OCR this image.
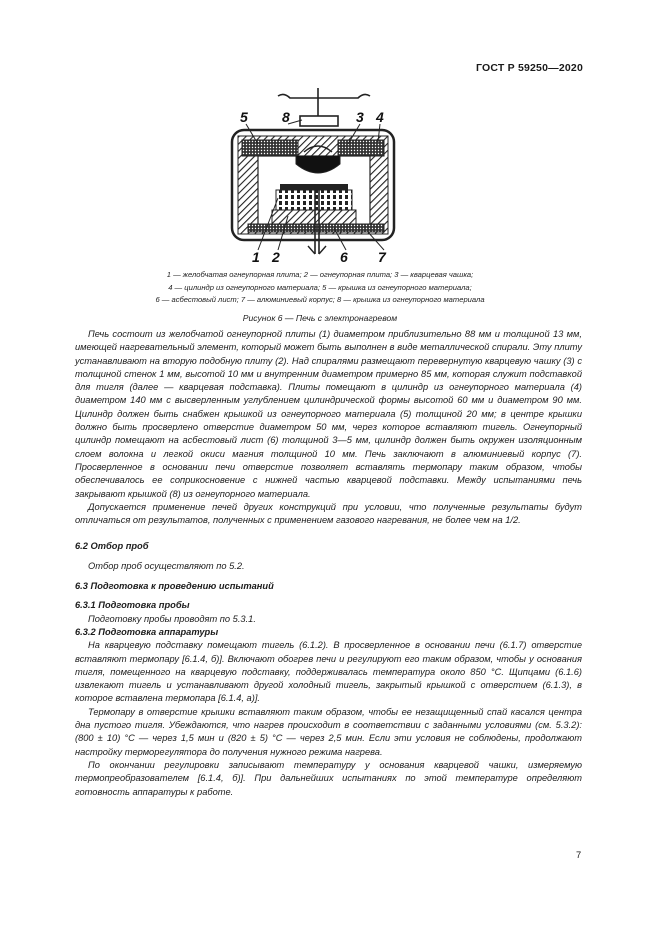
ГОСТ Р 59250—2020
5 8	3 4
1 2	6 7
1 — желобчатая огнеупорная плита; 2 — огнеупорная плита; 3 — кварцевая чашка;
4 — цилиндр из огнеупорного материала; 5 — крышка из огнеупорного материала;
6 — асбестовый лист; 7 — алюминиевый корпус; 8 — крышка из огнеупорного материала
Рисунок 6 — Печь с электронагревом

Печь состоит из желобчатой огнеупорной плиты (1) диаметром приблизительно 88 мм и толщиной 13 мм, имеющей нагревательный элемент, который может быть выполнен в виде металлической спирали. Эту плиту устанавливают на вторую подобную плиту (2). Над спиралями размещают перевернутую кварцевую чашку (3) с толщиной стенок 1 мм, высотой 10 мм и внутренним диаметром примерно 85 мм, которая служит подставкой для тигля (далее — кварцевая подставка). Плиты помещают в цилиндр из огнеупорного материала (4) диаметром 140 мм с высверленным углублением цилиндрической формы высотой 60 мм и диаметром 90 мм. Цилиндр должен быть снабжен крышкой из огнеупорного материала (5) толщиной 20 мм; в центре крышки должно быть просверлено отверстие диаметром 50 мм, через которое вставляют тигель. Огнеупорный цилиндр помещают на асбестовый лист (6) толщиной 3—5 мм, цилиндр должен быть окружен изоляционным слоем волокна и легкой окиси магния толщиной 10 мм. Печь заключают в алюминиевый корпус (7). Просверленное в основании печи отверстие позволяет вставлять термопару таким образом, чтобы обеспечивалось ее соприкосновение с нижней частью кварцевой подставки. Между испытаниями печь закрывают крышкой (8) из огнеупорного материала.

Допускается применение печей других конструкций при условии, что полученные результаты будут отличаться от результатов, полученных с применением газового нагревания, не более чем на 1/2.

6.2 Отбор проб

Отбор проб осуществляют по 5.2.

6.3 Подготовка к проведению испытаний

6.3.1 Подготовка пробы

Подготовку пробы проводят по 5.3.1.

6.3.2 Подготовка аппаратуры

На кварцевую подставку помещают тигель (6.1.2). В просверленное в основании печи (6.1.7) отверстие вставляют термопару [6.1.4, б)]. Включают обогрев печи и регулируют его таким образом, чтобы у основания тигля, помещенного на кварцевую подставку, поддерживалась температура около 850 °С. Щипцами (6.1.6) извлекают тигель и устанавливают другой холодный тигель, закрытый крышкой с отверстием (6.1.3), в которое вставлена термопара [6.1.4, а)].

Термопару в отверстие крышки вставляют таким образом, чтобы ее незащищенный спай касался центра дна пустого тигля. Убеждаются, что нагрев происходит в соответствии с заданными условиями (см. 5.3.2): (800 ± 10) °С — через 1,5 мин и (820 ± 5) °С — через 2,5 мин. Если эти условия не соблюдены, продолжают настройку терморегулятора до получения нужного режима нагрева.

По окончании регулировки записывают температуру у основания кварцевой чашки, измеряемую термопреобразователем [6.1.4, б)]. При дальнейших испытаниях по этой температуре определяют готовность аппаратуры к работе.

7
